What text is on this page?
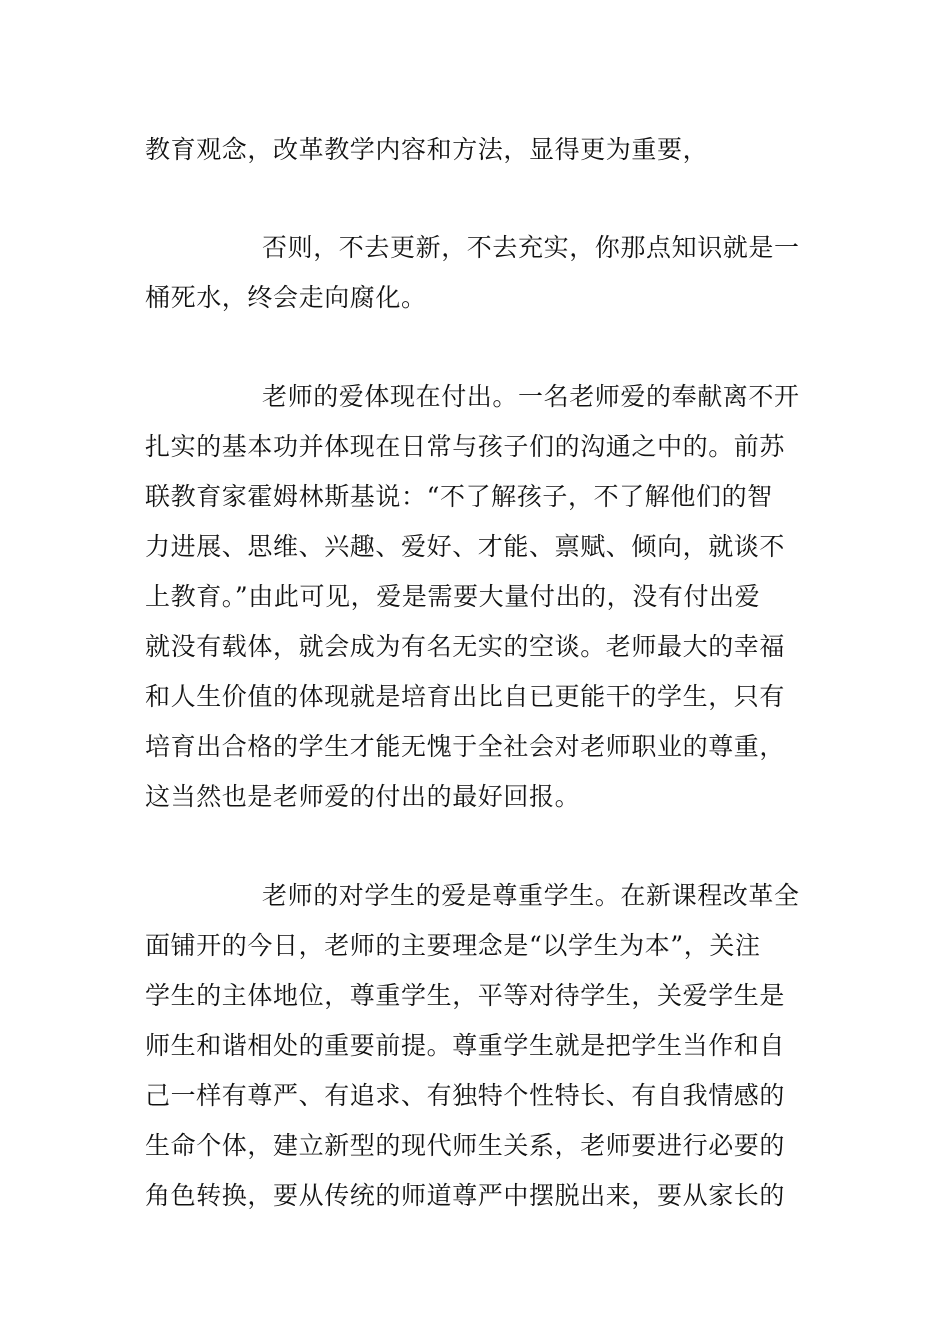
教育观念，改革教学内容和方法，显得更为重要，
否则，不去更新，不去充实，你那点知识就是一
桶死水，终会走向腐化。
老师的爱体现在付出。一名老师爱的奉献离不开
扎实的基本功并体现在日常与孩子们的沟通之中的。前苏
联教育家霍姆林斯基说：“不了解孩子，不了解他们的智
力进展、思维、兴趣、爱好、才能、禀赋、倾向，就谈不
上教育。”由此可见，爱是需要大量付出的，没有付出爱
就没有载体，就会成为有名无实的空谈。老师最大的幸福
和人生价值的体现就是培育出比自已更能干的学生，只有
培育出合格的学生才能无愧于全社会对老师职业的尊重，
这当然也是老师爱的付出的最好回报。
老师的对学生的爱是尊重学生。在新课程改革全
面铺开的今日，老师的主要理念是“以学生为本”，关注
学生的主体地位，尊重学生，平等对待学生，关爱学生是
师生和谐相处的重要前提。尊重学生就是把学生当作和自
己一样有尊严、有追求、有独特个性特长、有自我情感的
生命个体，建立新型的现代师生关系，老师要进行必要的
角色转换，要从传统的师道尊严中摆脱出来，要从家长的
